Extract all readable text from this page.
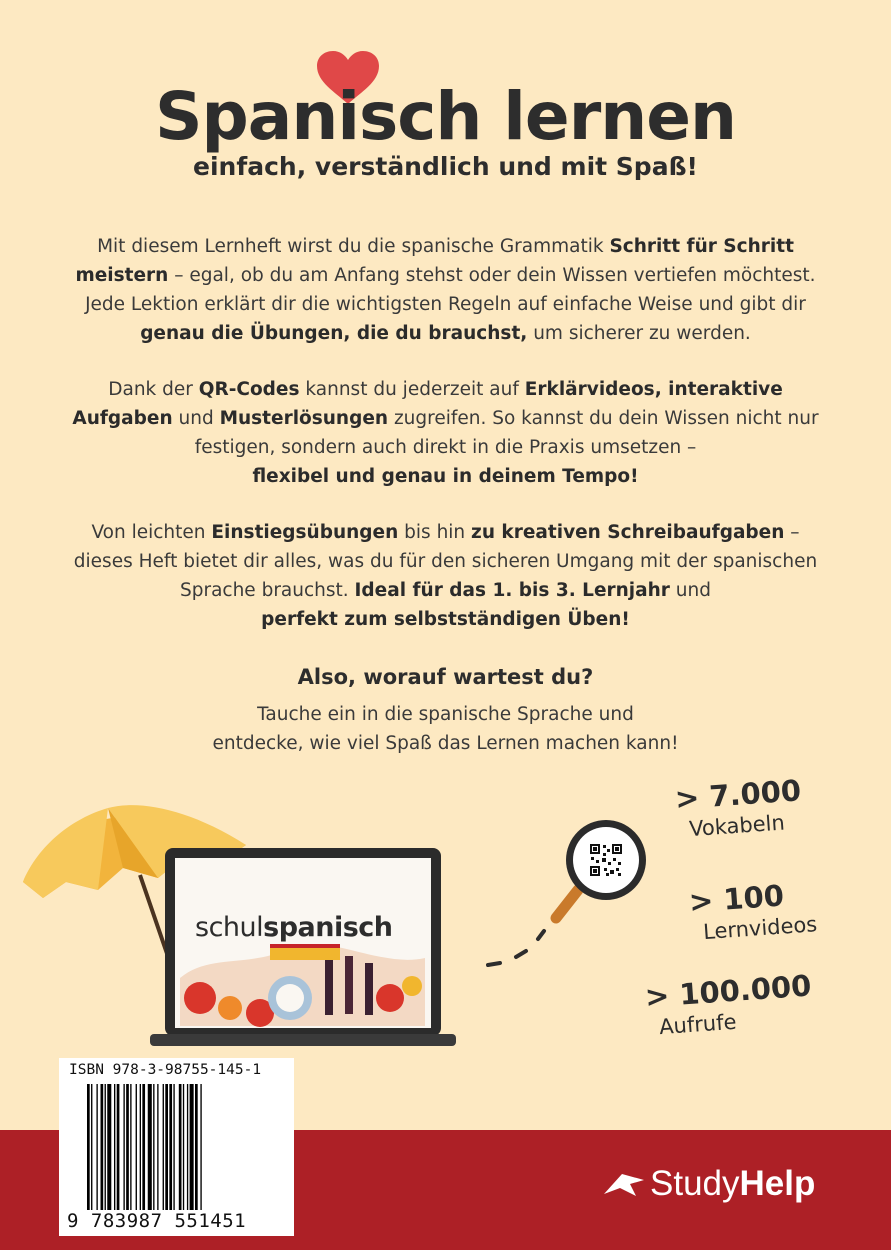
Spanisch lernen
einfach, verständlich und mit Spaß!

Mit diesem Lernheft wirst du die spanische Grammatik Schritt für Schritt meistern – egal, ob du am Anfang stehst oder dein Wissen vertiefen möchtest. Jede Lektion erklärt dir die wichtigsten Regeln auf einfache Weise und gibt dir genau die Übungen, die du brauchst, um sicherer zu werden.

Dank der QR-Codes kannst du jederzeit auf Erklärvideos, interaktive Aufgaben und Musterlösungen zugreifen. So kannst du dein Wissen nicht nur festigen, sondern auch direkt in die Praxis umsetzen –
flexibel und genau in deinem Tempo!

Von leichten Einstiegsübungen bis hin zu kreativen Schreibaufgaben – dieses Heft bietet dir alles, was du für den sicheren Umgang mit der spanischen Sprache brauchst. Ideal für das 1. bis 3. Lernjahr und
perfekt zum selbstständigen Üben!

Also, worauf wartest du?
Tauche ein in die spanische Sprache und
entdecke, wie viel Spaß das Lernen machen kann!
schulspanisch
> 7.000
Vokabeln
> 100
Lernvideos
> 100.000
Aufrufe
StudyHelp
ISBN 978-3-98755-145-1
9 783987 551451
